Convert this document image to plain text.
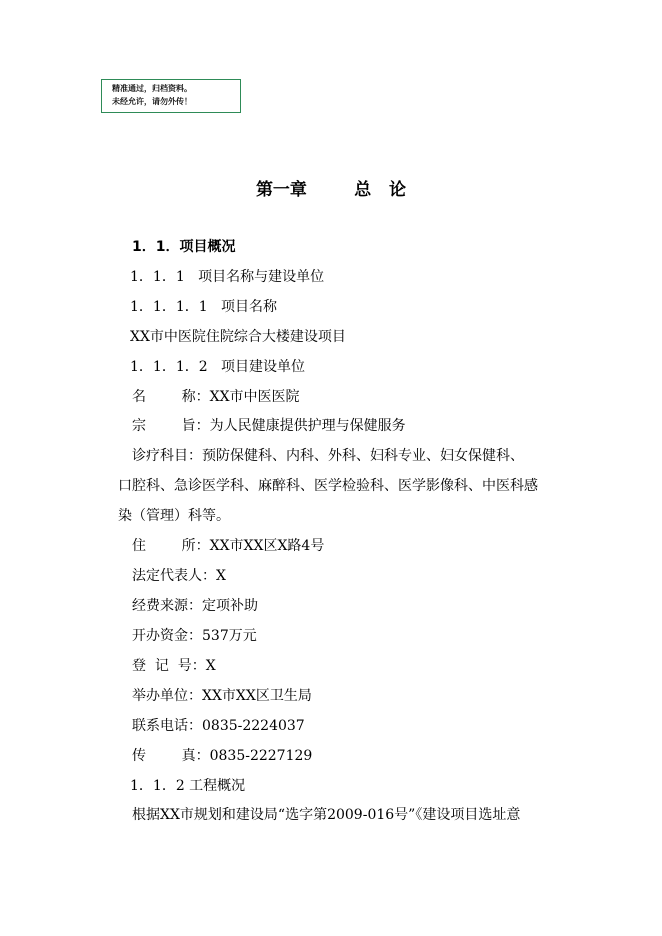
精准通过，归档资料。
未经允许，请勿外传！
第一章        总   论
1．1．项目概况
1．1．1   项目名称与建设单位
1．1．1．1   项目名称
XX市中医院住院综合大楼建设项目
1．1．1．2   项目建设单位
名        称：XX市中医医院
宗        旨：为人民健康提供护理与保健服务
诊疗科目：预防保健科、内科、外科、妇科专业、妇女保健科、
口腔科、急诊医学科、麻醉科、医学检验科、医学影像科、中医科感
染（管理）科等。
住        所：XX市XX区X路4号
法定代表人：X
经费来源：定项补助
开办资金：537万元
登  记  号：X
举办单位：XX市XX区卫生局
联系电话：0835-2224037
传        真：0835-2227129
1．1．2 工程概况
根据XX市规划和建设局“选字第2009-016号”《建设项目选址意
